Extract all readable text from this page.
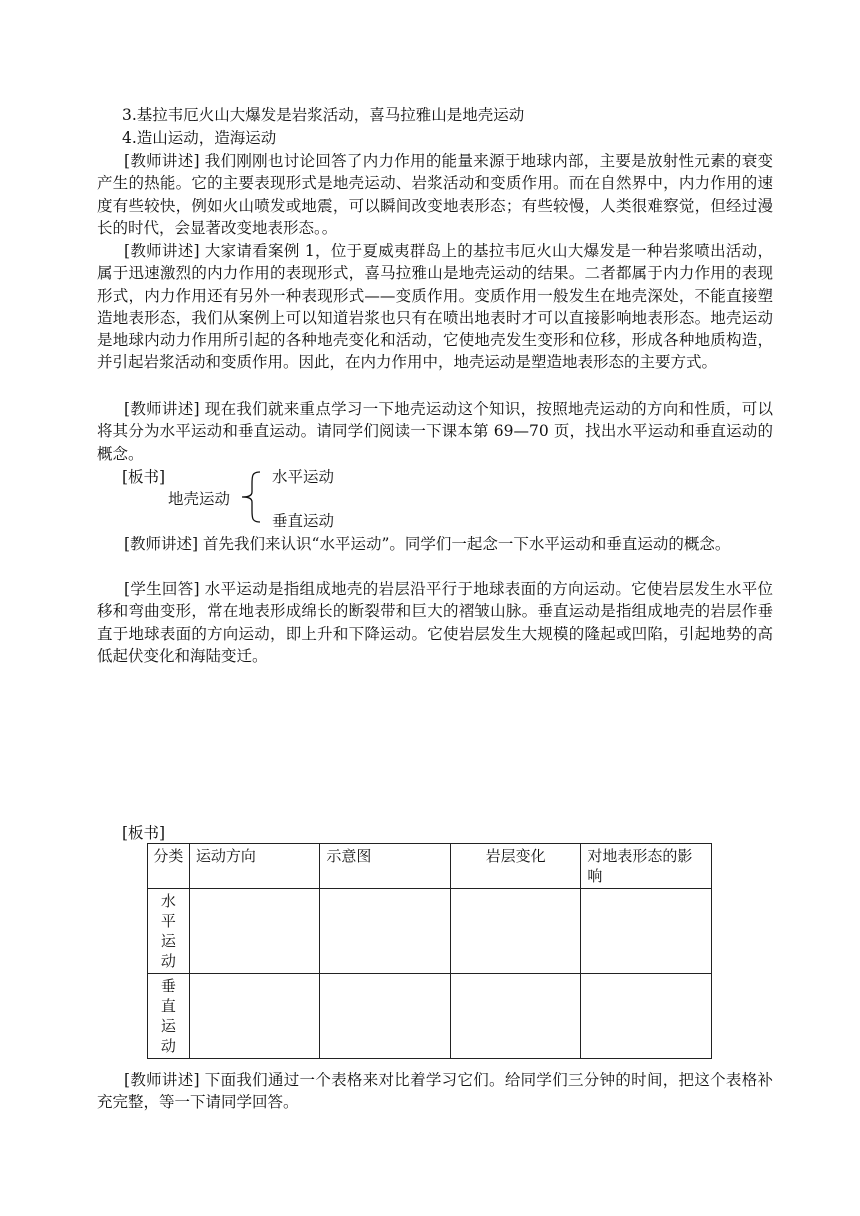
3.基拉韦厄火山大爆发是岩浆活动，喜马拉雅山是地壳运动
4.造山运动，造海运动
[教师讲述] 我们刚刚也讨论回答了内力作用的能量来源于地球内部，主要是放射性元素的衰变产生的热能。它的主要表现形式是地壳运动、岩浆活动和变质作用。而在自然界中，内力作用的速度有些较快，例如火山喷发或地震，可以瞬间改变地表形态；有些较慢，人类很难察觉，但经过漫长的时代，会显著改变地表形态。。
[教师讲述] 大家请看案例 1，位于夏威夷群岛上的基拉韦厄火山大爆发是一种岩浆喷出活动，属于迅速激烈的内力作用的表现形式，喜马拉雅山是地壳运动的结果。二者都属于内力作用的表现形式，内力作用还有另外一种表现形式——变质作用。变质作用一般发生在地壳深处，不能直接塑造地表形态，我们从案例上可以知道岩浆也只有在喷出地表时才可以直接影响地表形态。地壳运动是地球内动力作用所引起的各种地壳变化和活动，它使地壳发生变形和位移，形成各种地质构造，并引起岩浆活动和变质作用。因此，在内力作用中，地壳运动是塑造地表形态的主要方式。
[教师讲述] 现在我们就来重点学习一下地壳运动这个知识，按照地壳运动的方向和性质，可以将其分为水平运动和垂直运动。请同学们阅读一下课本第 69—70 页，找出水平运动和垂直运动的概念。
[板书]
地壳运动
水平运动
垂直运动
[教师讲述] 首先我们来认识“水平运动”。同学们一起念一下水平运动和垂直运动的概念。
[学生回答] 水平运动是指组成地壳的岩层沿平行于地球表面的方向运动。它使岩层发生水平位移和弯曲变形，常在地表形成绵长的断裂带和巨大的褶皱山脉。垂直运动是指组成地壳的岩层作垂直于地球表面的方向运动，即上升和下降运动。它使岩层发生大规模的隆起或凹陷，引起地势的高低起伏变化和海陆变迁。
[板书]
分类	运动方向	示意图	岩层变化	对地表形态的影响

水平运动				

垂直运动				

[教师讲述] 下面我们通过一个表格来对比着学习它们。给同学们三分钟的时间，把这个表格补充完整，等一下请同学回答。
